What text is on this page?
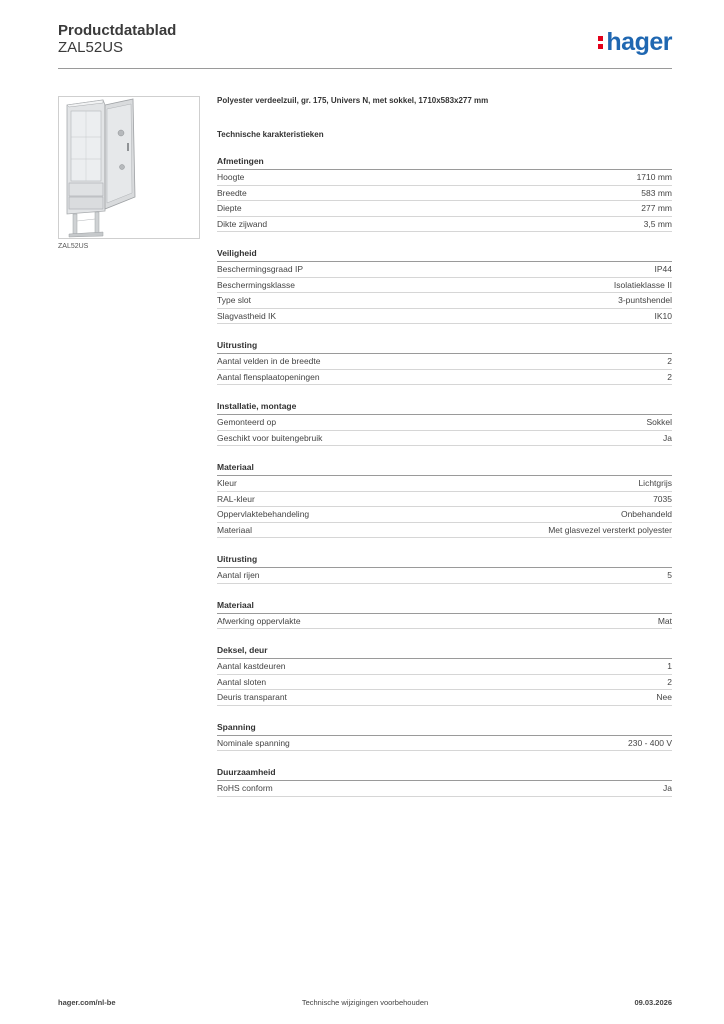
Productdatablad
ZAL52US	hager
ZAL52US
Polyester verdeelzuil, gr. 175, Univers N, met sokkel, 1710x583x277 mm
Technische karakteristieken
Afmetingen
Hoogte	1710 mm
Breedte	583 mm
Diepte	277 mm
Dikte zijwand	3,5 mm
Veiligheid
Beschermingsgraad IP	IP44
Beschermingsklasse	Isolatieklasse II
Type slot	3-puntshendel
Slagvastheid IK	IK10
Uitrusting
Aantal velden in de breedte	2
Aantal flensplaatopeningen	2
Installatie, montage
Gemonteerd op	Sokkel
Geschikt voor buitengebruik	Ja
Materiaal
Kleur	Lichtgrijs
RAL-kleur	7035
Oppervlaktebehandeling	Onbehandeld
Materiaal	Met glasvezel versterkt polyester
Uitrusting
Aantal rijen	5
Materiaal
Afwerking oppervlakte	Mat
Deksel, deur
Aantal kastdeuren	1
Aantal sloten	2
Deuris transparant	Nee
Spanning
Nominale spanning	230 - 400 V
Duurzaamheid
RoHS conform	Ja
Technische wijzigingen voorbehouden
hager.com/nl-be	09.03.2026
